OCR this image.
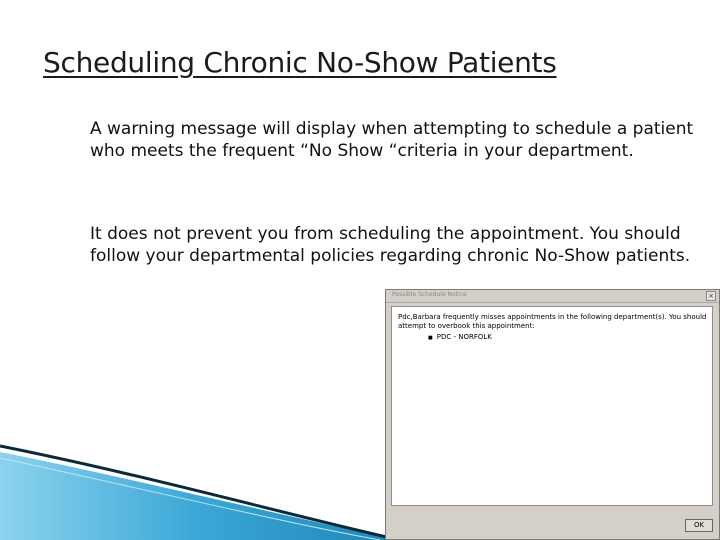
Scheduling Chronic No-Show Patients
A warning message will display when attempting to schedule a patient who meets the frequent “No Show “criteria in your department.
It does not prevent you from scheduling the appointment. You should follow your departmental policies regarding chronic No-Show patients.
Possible Schedule Notice	×
Pdc,Barbara frequently misses appointments in the following department(s). You should attempt to overbook this appointment:
■ PDC - NORFOLK
OK
